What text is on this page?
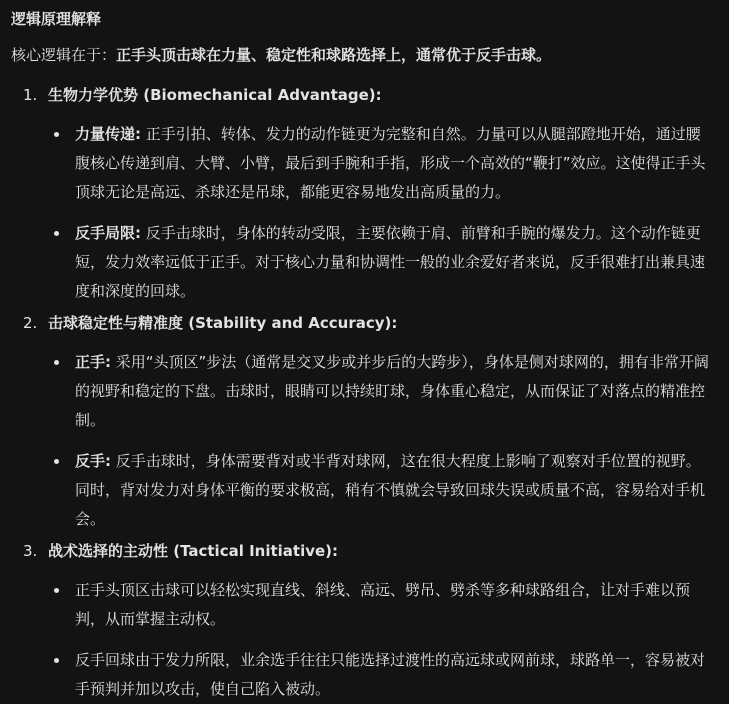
逻辑原理解释

核心逻辑在于：正手头顶击球在力量、稳定性和球路选择上，通常优于反手击球。

1. 生物力学优势 (Biomechanical Advantage):
力量传递: 正手引拍、转体、发力的动作链更为完整和自然。力量可以从腿部蹬地开始，通过腰腹核心传递到肩、大臂、小臂，最后到手腕和手指，形成一个高效的“鞭打”效应。这使得正手头顶球无论是高远、杀球还是吊球，都能更容易地发出高质量的力。
反手局限: 反手击球时，身体的转动受限，主要依赖于肩、前臂和手腕的爆发力。这个动作链更短，发力效率远低于正手。对于核心力量和协调性一般的业余爱好者来说，反手很难打出兼具速度和深度的回球。
2. 击球稳定性与精准度 (Stability and Accuracy):
正手: 采用“头顶区”步法（通常是交叉步或并步后的大跨步），身体是侧对球网的，拥有非常开阔的视野和稳定的下盘。击球时，眼睛可以持续盯球，身体重心稳定，从而保证了对落点的精准控制。
反手: 反手击球时，身体需要背对或半背对球网，这在很大程度上影响了观察对手位置的视野。同时，背对发力对身体平衡的要求极高，稍有不慎就会导致回球失误或质量不高，容易给对手机会。
3. 战术选择的主动性 (Tactical Initiative):
正手头顶区击球可以轻松实现直线、斜线、高远、劈吊、劈杀等多种球路组合，让对手难以预判，从而掌握主动权。
反手回球由于发力所限，业余选手往往只能选择过渡性的高远球或网前球，球路单一，容易被对手预判并加以攻击，使自己陷入被动。
